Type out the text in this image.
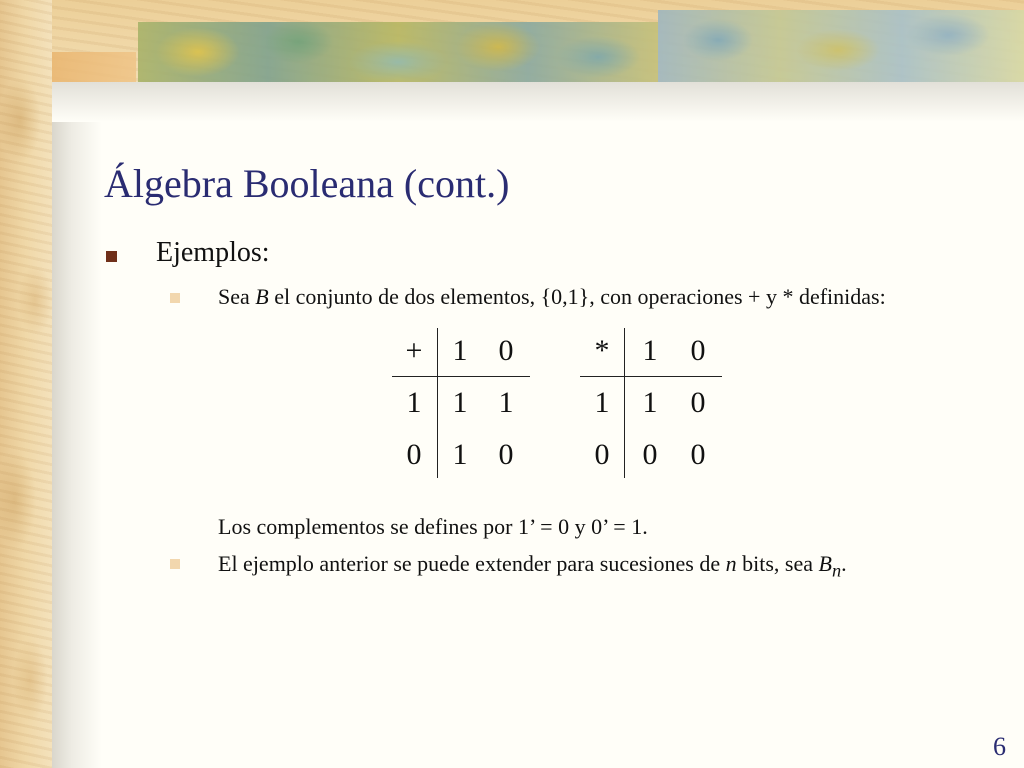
Álgebra Booleana (cont.)
Ejemplos:
Sea B el conjunto de dos elementos, {0,1}, con operaciones + y * definidas:
+	1	0
1	1	1
0	1	0
*	1	0
1	1	0
0	0	0
Los complementos se defines por 1’ = 0 y 0’ = 1.
El ejemplo anterior se puede extender para sucesiones de n bits, sea $B_n$.
6
